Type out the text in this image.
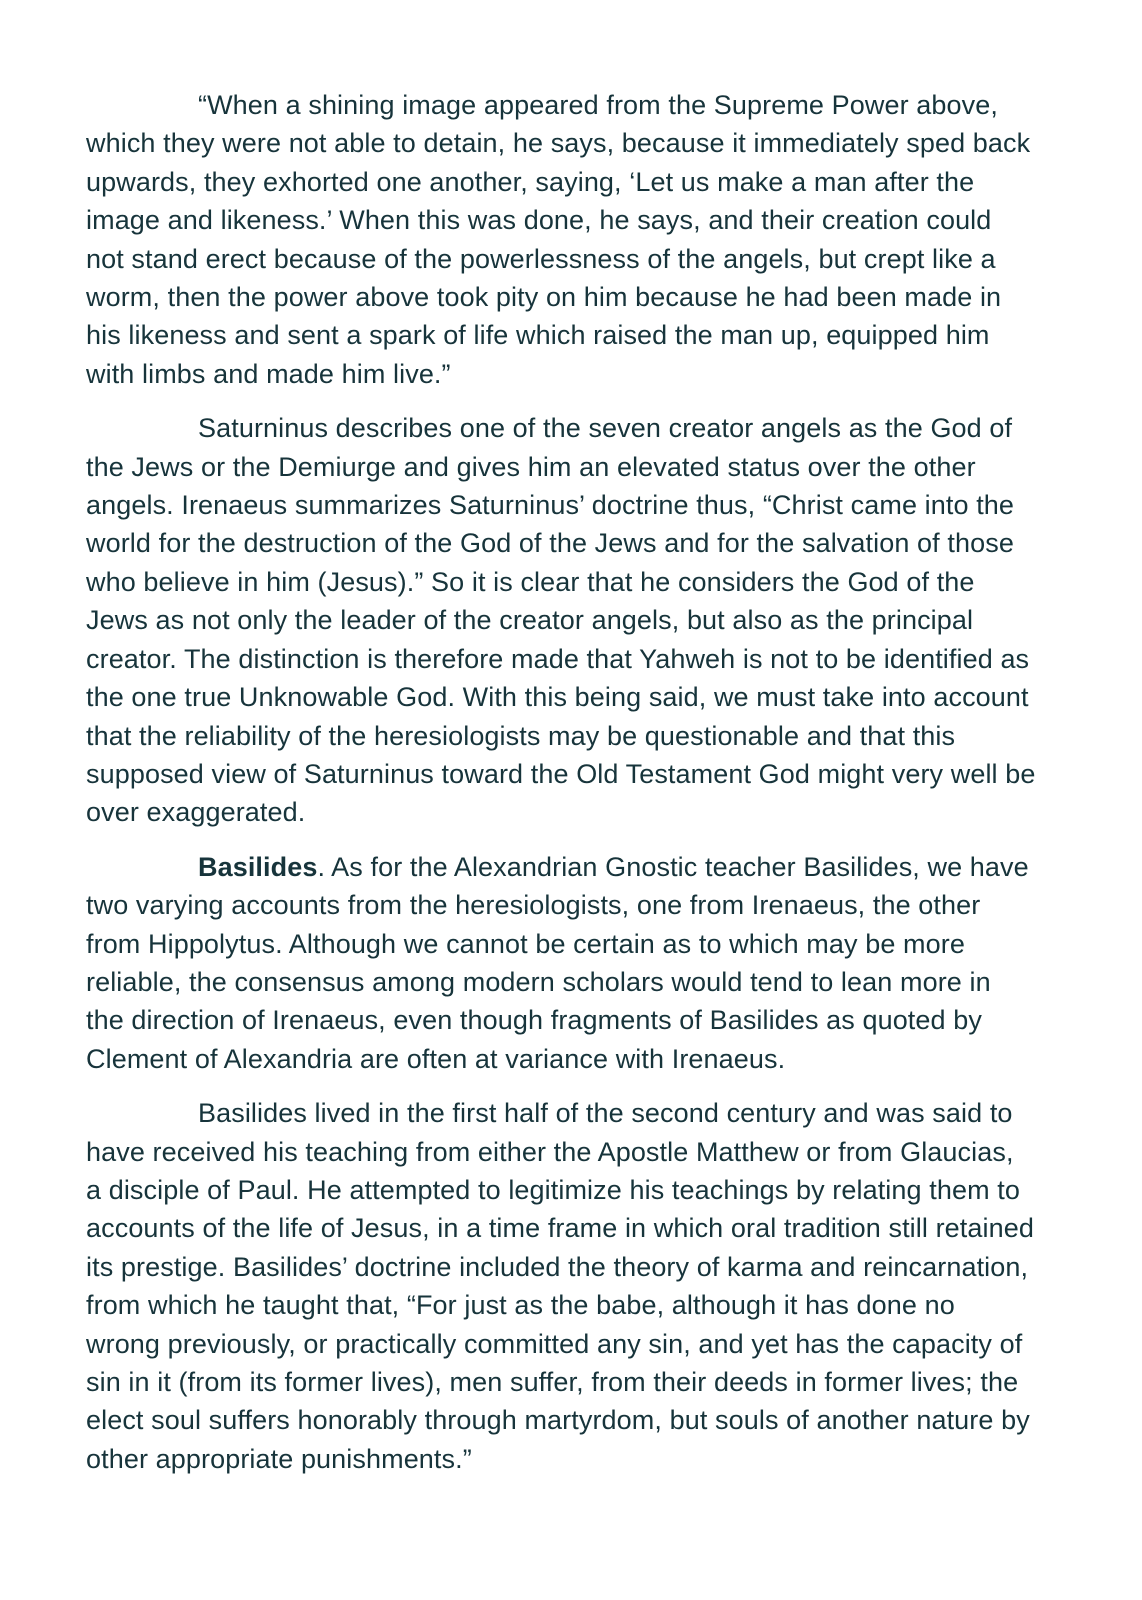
“When a shining image appeared from the Supreme Power above,
which they were not able to detain, he says, because it immediately sped back
upwards, they exhorted one another, saying, ‘Let us make a man after the
image and likeness.’ When this was done, he says, and their creation could
not stand erect because of the powerlessness of the angels, but crept like a
worm, then the power above took pity on him because he had been made in
his likeness and sent a spark of life which raised the man up, equipped him
with limbs and made him live.”

Saturninus describes one of the seven creator angels as the God of
the Jews or the Demiurge and gives him an elevated status over the other
angels. Irenaeus summarizes Saturninus’ doctrine thus, “Christ came into the
world for the destruction of the God of the Jews and for the salvation of those
who believe in him (Jesus).” So it is clear that he considers the God of the
Jews as not only the leader of the creator angels, but also as the principal
creator. The distinction is therefore made that Yahweh is not to be identified as
the one true Unknowable God. With this being said, we must take into account
that the reliability of the heresiologists may be questionable and that this
supposed view of Saturninus toward the Old Testament God might very well be
over exaggerated.

Basilides. As for the Alexandrian Gnostic teacher Basilides, we have
two varying accounts from the heresiologists, one from Irenaeus, the other
from Hippolytus. Although we cannot be certain as to which may be more
reliable, the consensus among modern scholars would tend to lean more in
the direction of Irenaeus, even though fragments of Basilides as quoted by
Clement of Alexandria are often at variance with Irenaeus.

Basilides lived in the first half of the second century and was said to
have received his teaching from either the Apostle Matthew or from Glaucias,
a disciple of Paul. He attempted to legitimize his teachings by relating them to
accounts of the life of Jesus, in a time frame in which oral tradition still retained
its prestige. Basilides’ doctrine included the theory of karma and reincarnation,
from which he taught that, “For just as the babe, although it has done no
wrong previously, or practically committed any sin, and yet has the capacity of
sin in it (from its former lives), men suffer, from their deeds in former lives; the
elect soul suffers honorably through martyrdom, but souls of another nature by
other appropriate punishments.”
